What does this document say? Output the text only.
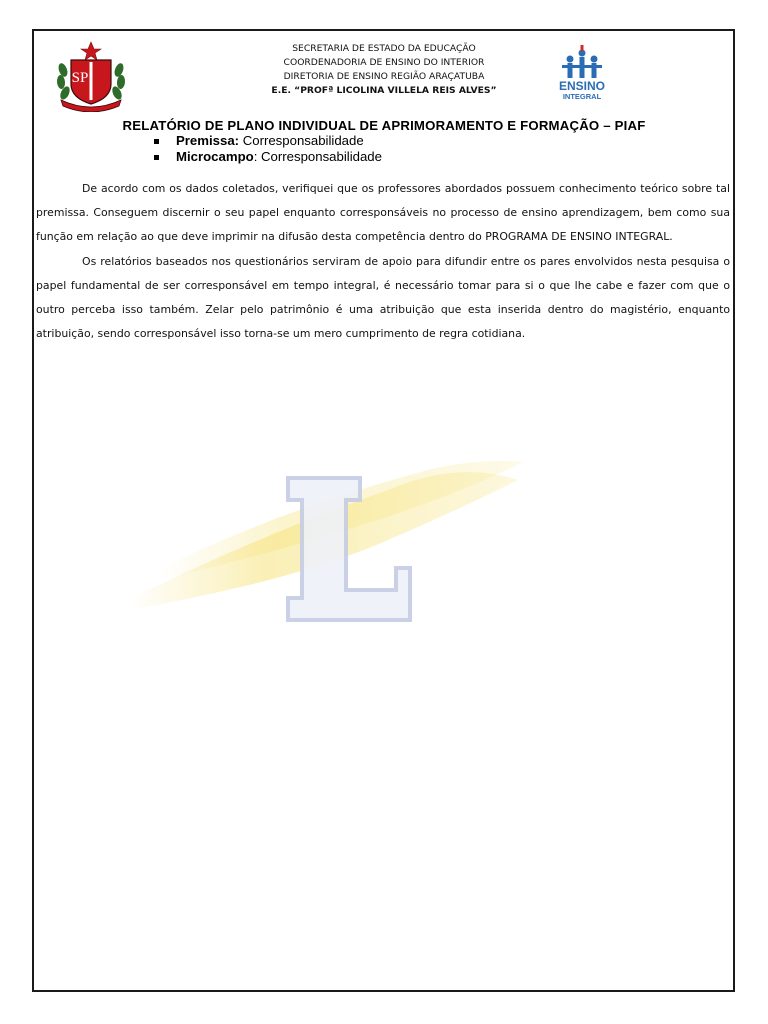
SP
SECRETARIA DE ESTADO DA EDUCAÇÃO
COORDENADORIA DE ENSINO DO INTERIOR
DIRETORIA DE ENSINO REGIÃO ARAÇATUBA
E.E. “PROFª LICOLINA VILLELA REIS ALVES”	ENSINO
INTEGRAL
RELATÓRIO DE PLANO INDIVIDUAL DE APRIMORAMENTO E FORMAÇÃO – PIAF
Premissa: Corresponsabilidade
Microcampo: Corresponsabilidade

De acordo com os dados coletados, verifiquei que os professores abordados possuem conhecimento teórico sobre tal premissa. Conseguem discernir o seu papel enquanto corresponsáveis no processo de ensino aprendizagem, bem como sua função em relação ao que deve imprimir na difusão desta competência dentro do PROGRAMA DE ENSINO INTEGRAL.

Os relatórios baseados nos questionários serviram de apoio para difundir entre os pares envolvidos nesta pesquisa o papel fundamental de ser corresponsável em tempo integral, é necessário tomar para si o que lhe cabe e fazer com que o outro perceba isso também. Zelar pelo patrimônio é uma atribuição que esta inserida dentro do magistério, enquanto atribuição, sendo corresponsável isso torna-se um mero cumprimento de regra cotidiana.

L
